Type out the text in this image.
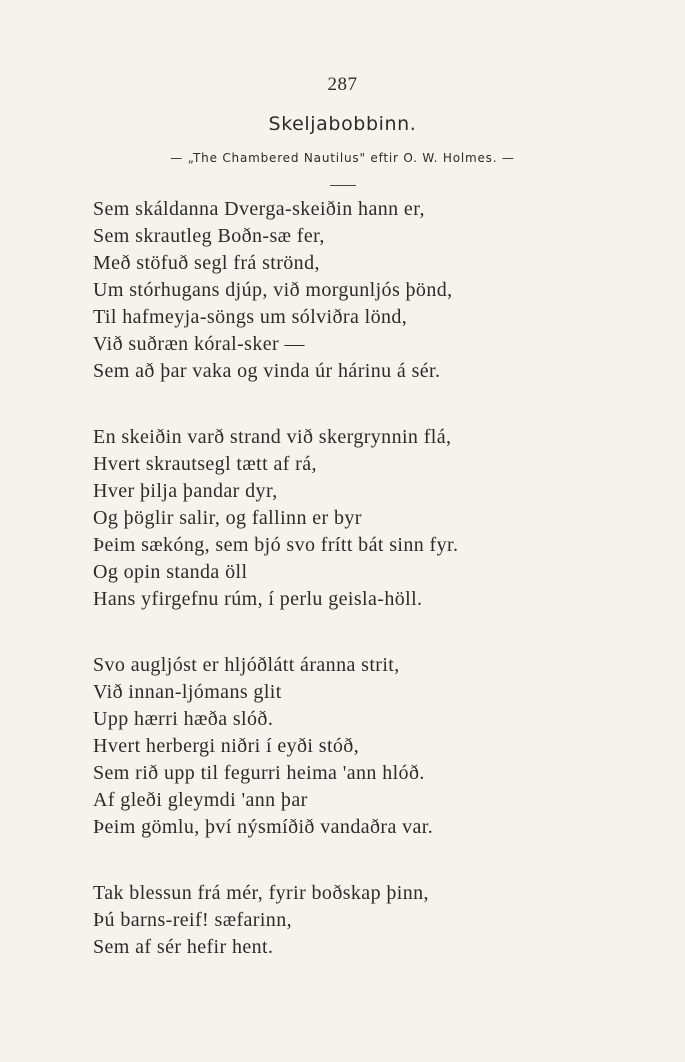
287
Skeljabobbinn.
— „The Chambered Nautilus" eftir O. W. Holmes. —
Sem skáldanna Dverga-skeiðin hann er,
Sem skrautleg Boðn-sæ fer,
Með stöfuð segl frá strönd,
Um stórhugans djúp, við morgunljós þönd,
Til hafmeyja-söngs um sólviðra lönd,
Við suðræn kóral-sker —
Sem að þar vaka og vinda úr hárinu á sér.
En skeiðin varð strand við skergrynnin flá,
Hvert skrautsegl tætt af rá,
Hver þilja þandar dyr,
Og þöglir salir, og fallinn er byr
Þeim sækóng, sem bjó svo frítt bát sinn fyr.
Og opin standa öll
Hans yfirgefnu rúm, í perlu geisla-höll.
Svo augljóst er hljóðlátt áranna strit,
Við innan-ljómans glit
Upp hærri hæða slóð.
Hvert herbergi niðri í eyði stóð,
Sem rið upp til fegurri heima 'ann hlóð.
Af gleði gleymdi 'ann þar
Þeim gömlu, því nýsmíðið vandaðra var.
Tak blessun frá mér, fyrir boðskap þinn,
Þú barns-reif! sæfarinn,
Sem af sér hefir hent.
